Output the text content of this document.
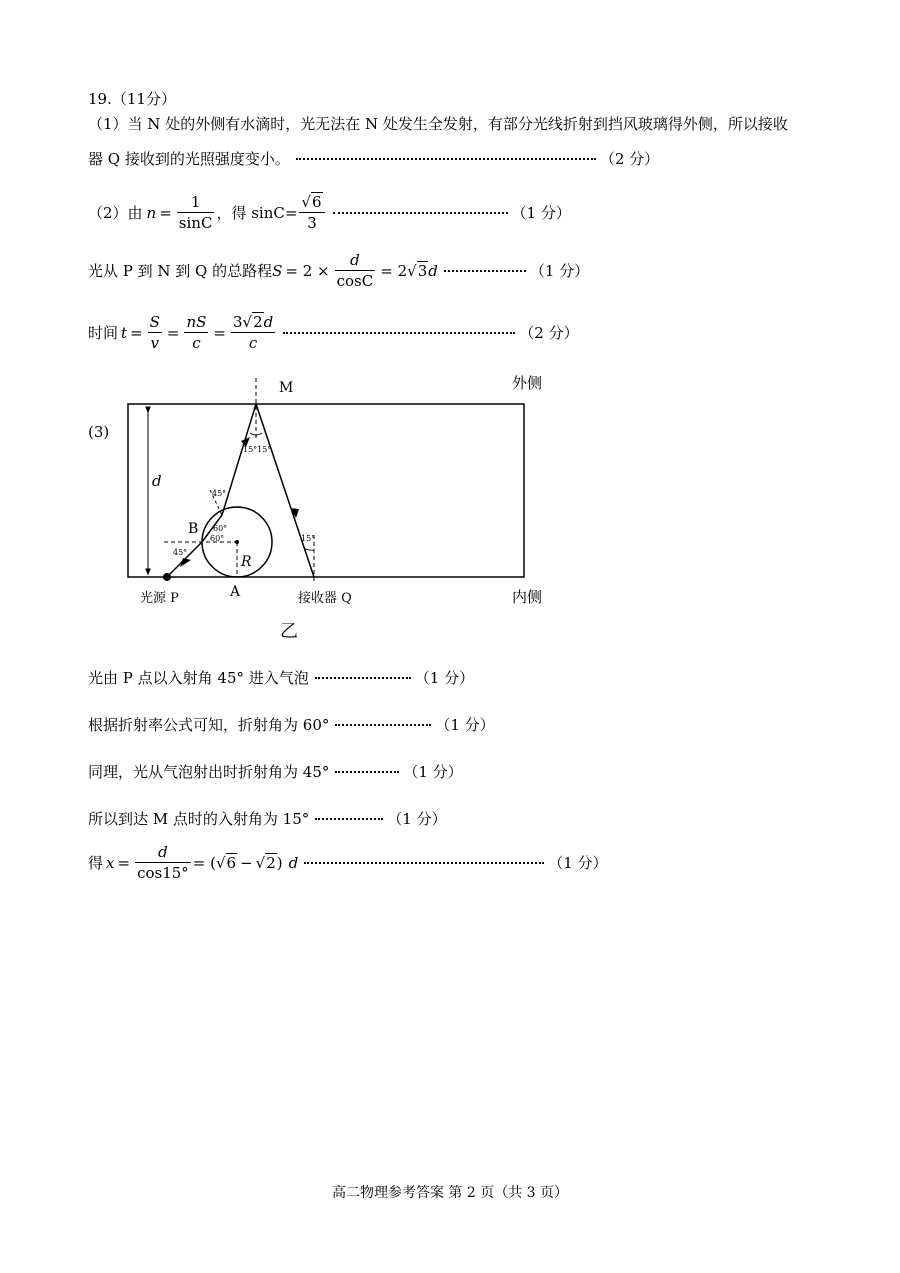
19.（11分）
（1）当 N 处的外侧有水滴时，光无法在 N 处发生全发射，有部分光线折射到挡风玻璃得外侧，所以接收
器 Q 接收到的光照强度变小。	（2 分）
（2）由 $n = \frac{1}{\sin C}$ ，得 $\sin C= \frac{√6}{3}$	（1 分）
光从 P 到 N 到 Q 的总路程 $S = 2 \times \frac{d}{\cos C} = 2$ √3 d	（1 分）
时间 $t = \frac{S}{v} = \frac{nS}{c} = \frac{3√2d}{c}$	（2 分）
(3)
外侧
内侧
d
M
15°15°
R
45°
60°
60°
45°
B
15°
光源 P	A	接收器 Q
乙
光由 P 点以入射角 45° 进入气泡	（1 分）
根据折射率公式可知，折射角为 60°	（1 分）
同理，光从气泡射出时折射角为 45°	（1 分）
所以到达 M 点时的入射角为 15°	（1 分）
得 $x = \frac{d}{\cos 15^\circ}$ = ( √6 − √2 ) d	（1 分）
高二物理参考答案 第 2 页（共 3 页）
